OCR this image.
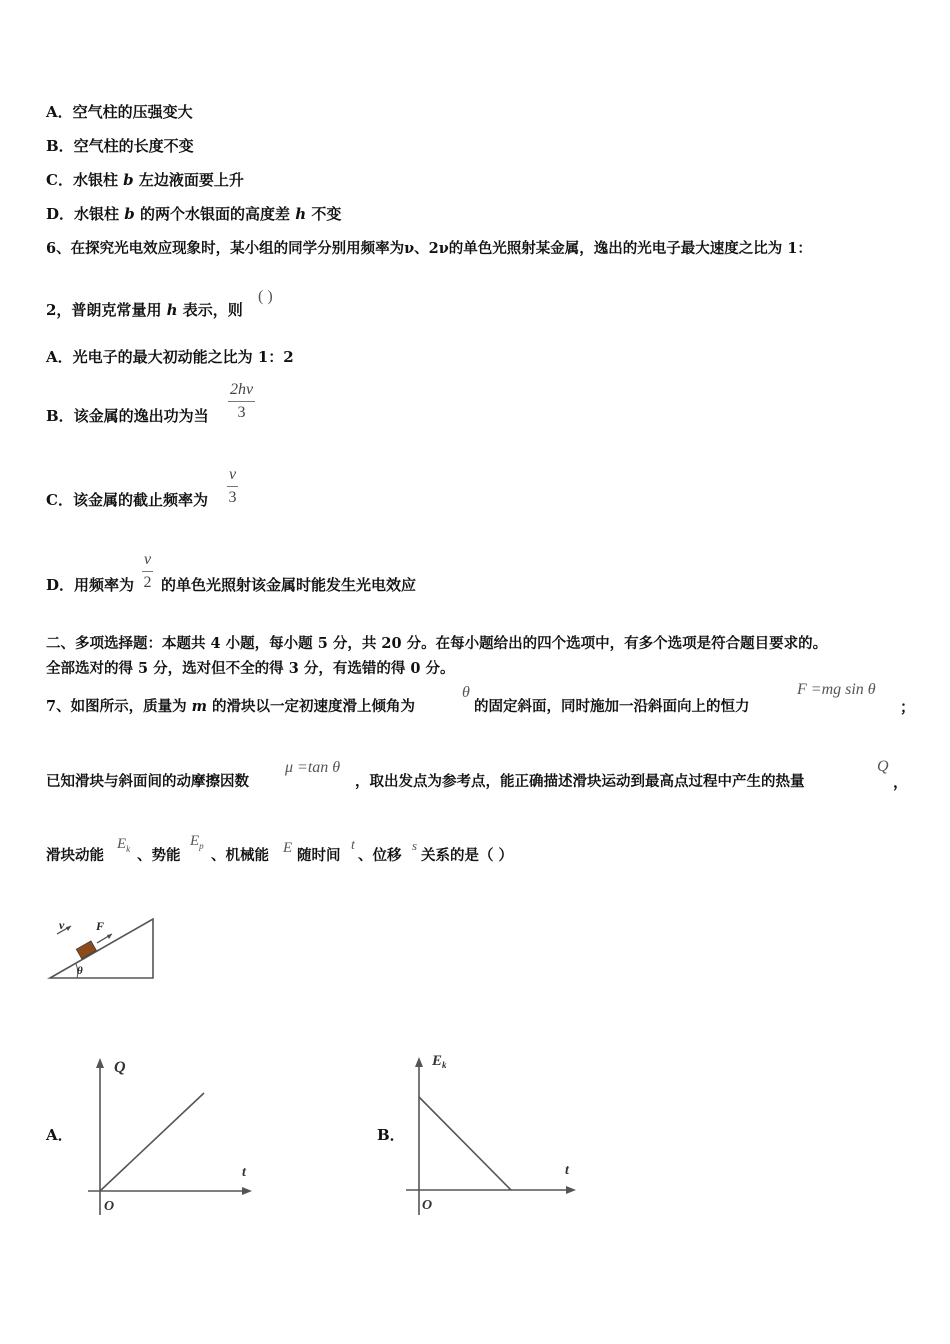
A．空气柱的压强变大
B．空气柱的长度不变
C．水银柱 b 左边液面要上升
D．水银柱 b 的两个水银面的高度差 h 不变
6、在探究光电效应现象时，某小组的同学分别用频率为ν、2ν的单色光照射某金属，逸出的光电子最大速度之比为 1：
2，普朗克常量用 h 表示，则
( )
A．光电子的最大初动能之比为 1：2
B．该金属的逸出功为当
2hv
3
C．该金属的截止频率为
v
3
D．用频率为
v
2 的单色光照射该金属时能发生光电效应
二、多项选择题：本题共 4 小题，每小题 5 分，共 20 分。在每小题给出的四个选项中，有多个选项是符合题目要求的。
全部选对的得 5 分，选对但不全的得 3 分，有选错的得 0 分。
7、如图所示，质量为 m 的滑块以一定初速度滑上倾角为
θ
的固定斜面，同时施加一沿斜面向上的恒力
F =mg sin θ
；
已知滑块与斜面间的动摩擦因数
μ =tan θ
，取出发点为参考点，能正确描述滑块运动到最高点过程中产生的热量
Q
，
滑块动能
$E_k$ 、势能
$E_p$
、机械能 E 随时间
t
、位移
s
关系的是（ ）
v	F
θ
A．
Q
t
O
B．
$E_k$
t
O
